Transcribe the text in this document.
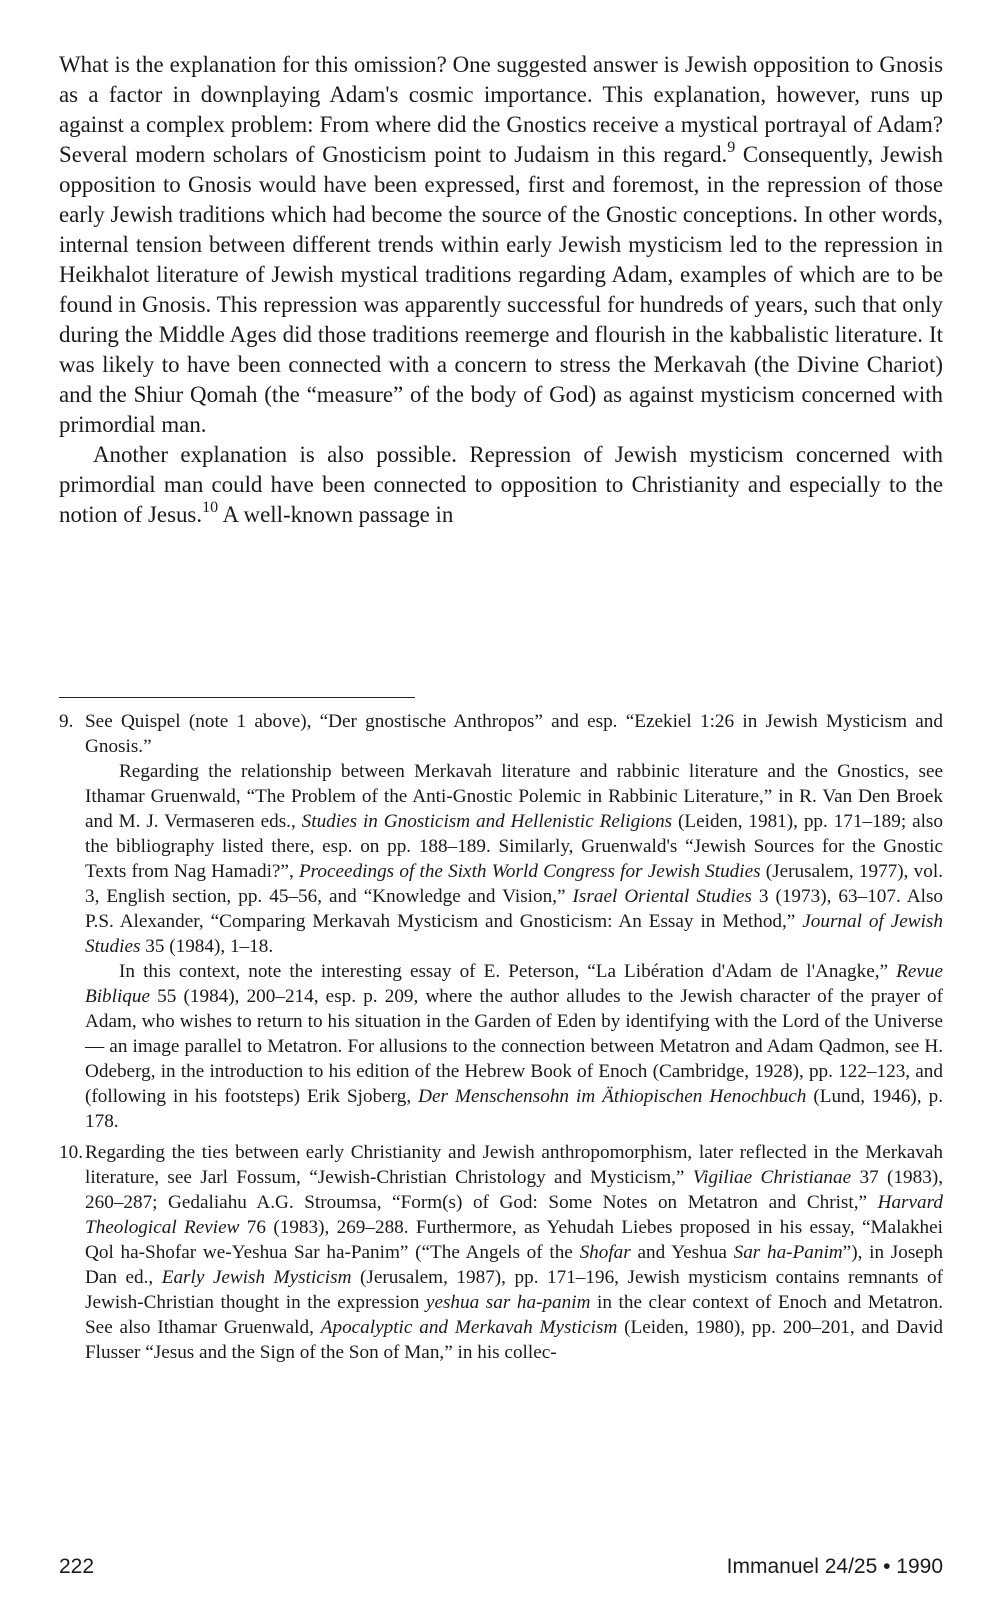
What is the explanation for this omission? One suggested answer is Jewish opposition to Gnosis as a factor in downplaying Adam's cosmic importance. This explanation, however, runs up against a complex problem: From where did the Gnostics receive a mystical portrayal of Adam? Several modern scholars of Gnosticism point to Judaism in this regard.$^9$ Consequently, Jewish opposition to Gnosis would have been expressed, first and foremost, in the repression of those early Jewish traditions which had become the source of the Gnostic conceptions. In other words, internal tension between different trends within early Jewish mysticism led to the repression in Heikhalot literature of Jewish mystical traditions regarding Adam, examples of which are to be found in Gnosis. This repression was apparently successful for hundreds of years, such that only during the Middle Ages did those traditions reemerge and flourish in the kabbalistic literature. It was likely to have been connected with a concern to stress the Merkavah (the Divine Chariot) and the Shiur Qomah (the “measure” of the body of God) as against mysticism concerned with primordial man.

Another explanation is also possible. Repression of Jewish mysticism concerned with primordial man could have been connected to opposition to Christianity and especially to the notion of Jesus.$^{10}$ A well-known passage in

9. See Quispel (note 1 above), “Der gnostische Anthropos” and esp. “Ezekiel 1:26 in Jewish Mysticism and Gnosis.”

Regarding the relationship between Merkavah literature and rabbinic literature and the Gnostics, see Ithamar Gruenwald, “The Problem of the Anti-Gnostic Polemic in Rabbinic Literature,” in R. Van Den Broek and M. J. Vermaseren eds., Studies in Gnosticism and Hellenistic Religions (Leiden, 1981), pp. 171–189; also the bibliography listed there, esp. on pp. 188–189. Similarly, Gruenwald's “Jewish Sources for the Gnostic Texts from Nag Hamadi?”, Proceedings of the Sixth World Congress for Jewish Studies (Jerusalem, 1977), vol. 3, English section, pp. 45–56, and “Knowledge and Vision,” Israel Oriental Studies 3 (1973), 63–107. Also P.S. Alexander, “Comparing Merkavah Mysticism and Gnosticism: An Essay in Method,” Journal of Jewish Studies 35 (1984), 1–18.

In this context, note the interesting essay of E. Peterson, “La Libération d'Adam de l'Anagke,” Revue Biblique 55 (1984), 200–214, esp. p. 209, where the author alludes to the Jewish character of the prayer of Adam, who wishes to return to his situation in the Garden of Eden by identifying with the Lord of the Universe — an image parallel to Metatron. For allusions to the connection between Metatron and Adam Qadmon, see H. Odeberg, in the introduction to his edition of the Hebrew Book of Enoch (Cambridge, 1928), pp. 122–123, and (following in his footsteps) Erik Sjoberg, Der Menschensohn im Äthiopischen Henochbuch (Lund, 1946), p. 178.

10. Regarding the ties between early Christianity and Jewish anthropomorphism, later reflected in the Merkavah literature, see Jarl Fossum, “Jewish-Christian Christology and Mysticism,” Vigiliae Christianae 37 (1983), 260–287; Gedaliahu A.G. Stroumsa, “Form(s) of God: Some Notes on Metatron and Christ,” Harvard Theological Review 76 (1983), 269–288. Furthermore, as Yehudah Liebes proposed in his essay, “Malakhei Qol ha-Shofar we-Yeshua Sar ha-Panim” (“The Angels of the Shofar and Yeshua Sar ha-Panim”), in Joseph Dan ed., Early Jewish Mysticism (Jerusalem, 1987), pp. 171–196, Jewish mysticism contains remnants of Jewish-Christian thought in the expression yeshua sar ha-panim in the clear context of Enoch and Metatron. See also Ithamar Gruenwald, Apocalyptic and Merkavah Mysticism (Leiden, 1980), pp. 200–201, and David Flusser “Jesus and the Sign of the Son of Man,” in his collec-

222	Immanuel 24/25 • 1990
